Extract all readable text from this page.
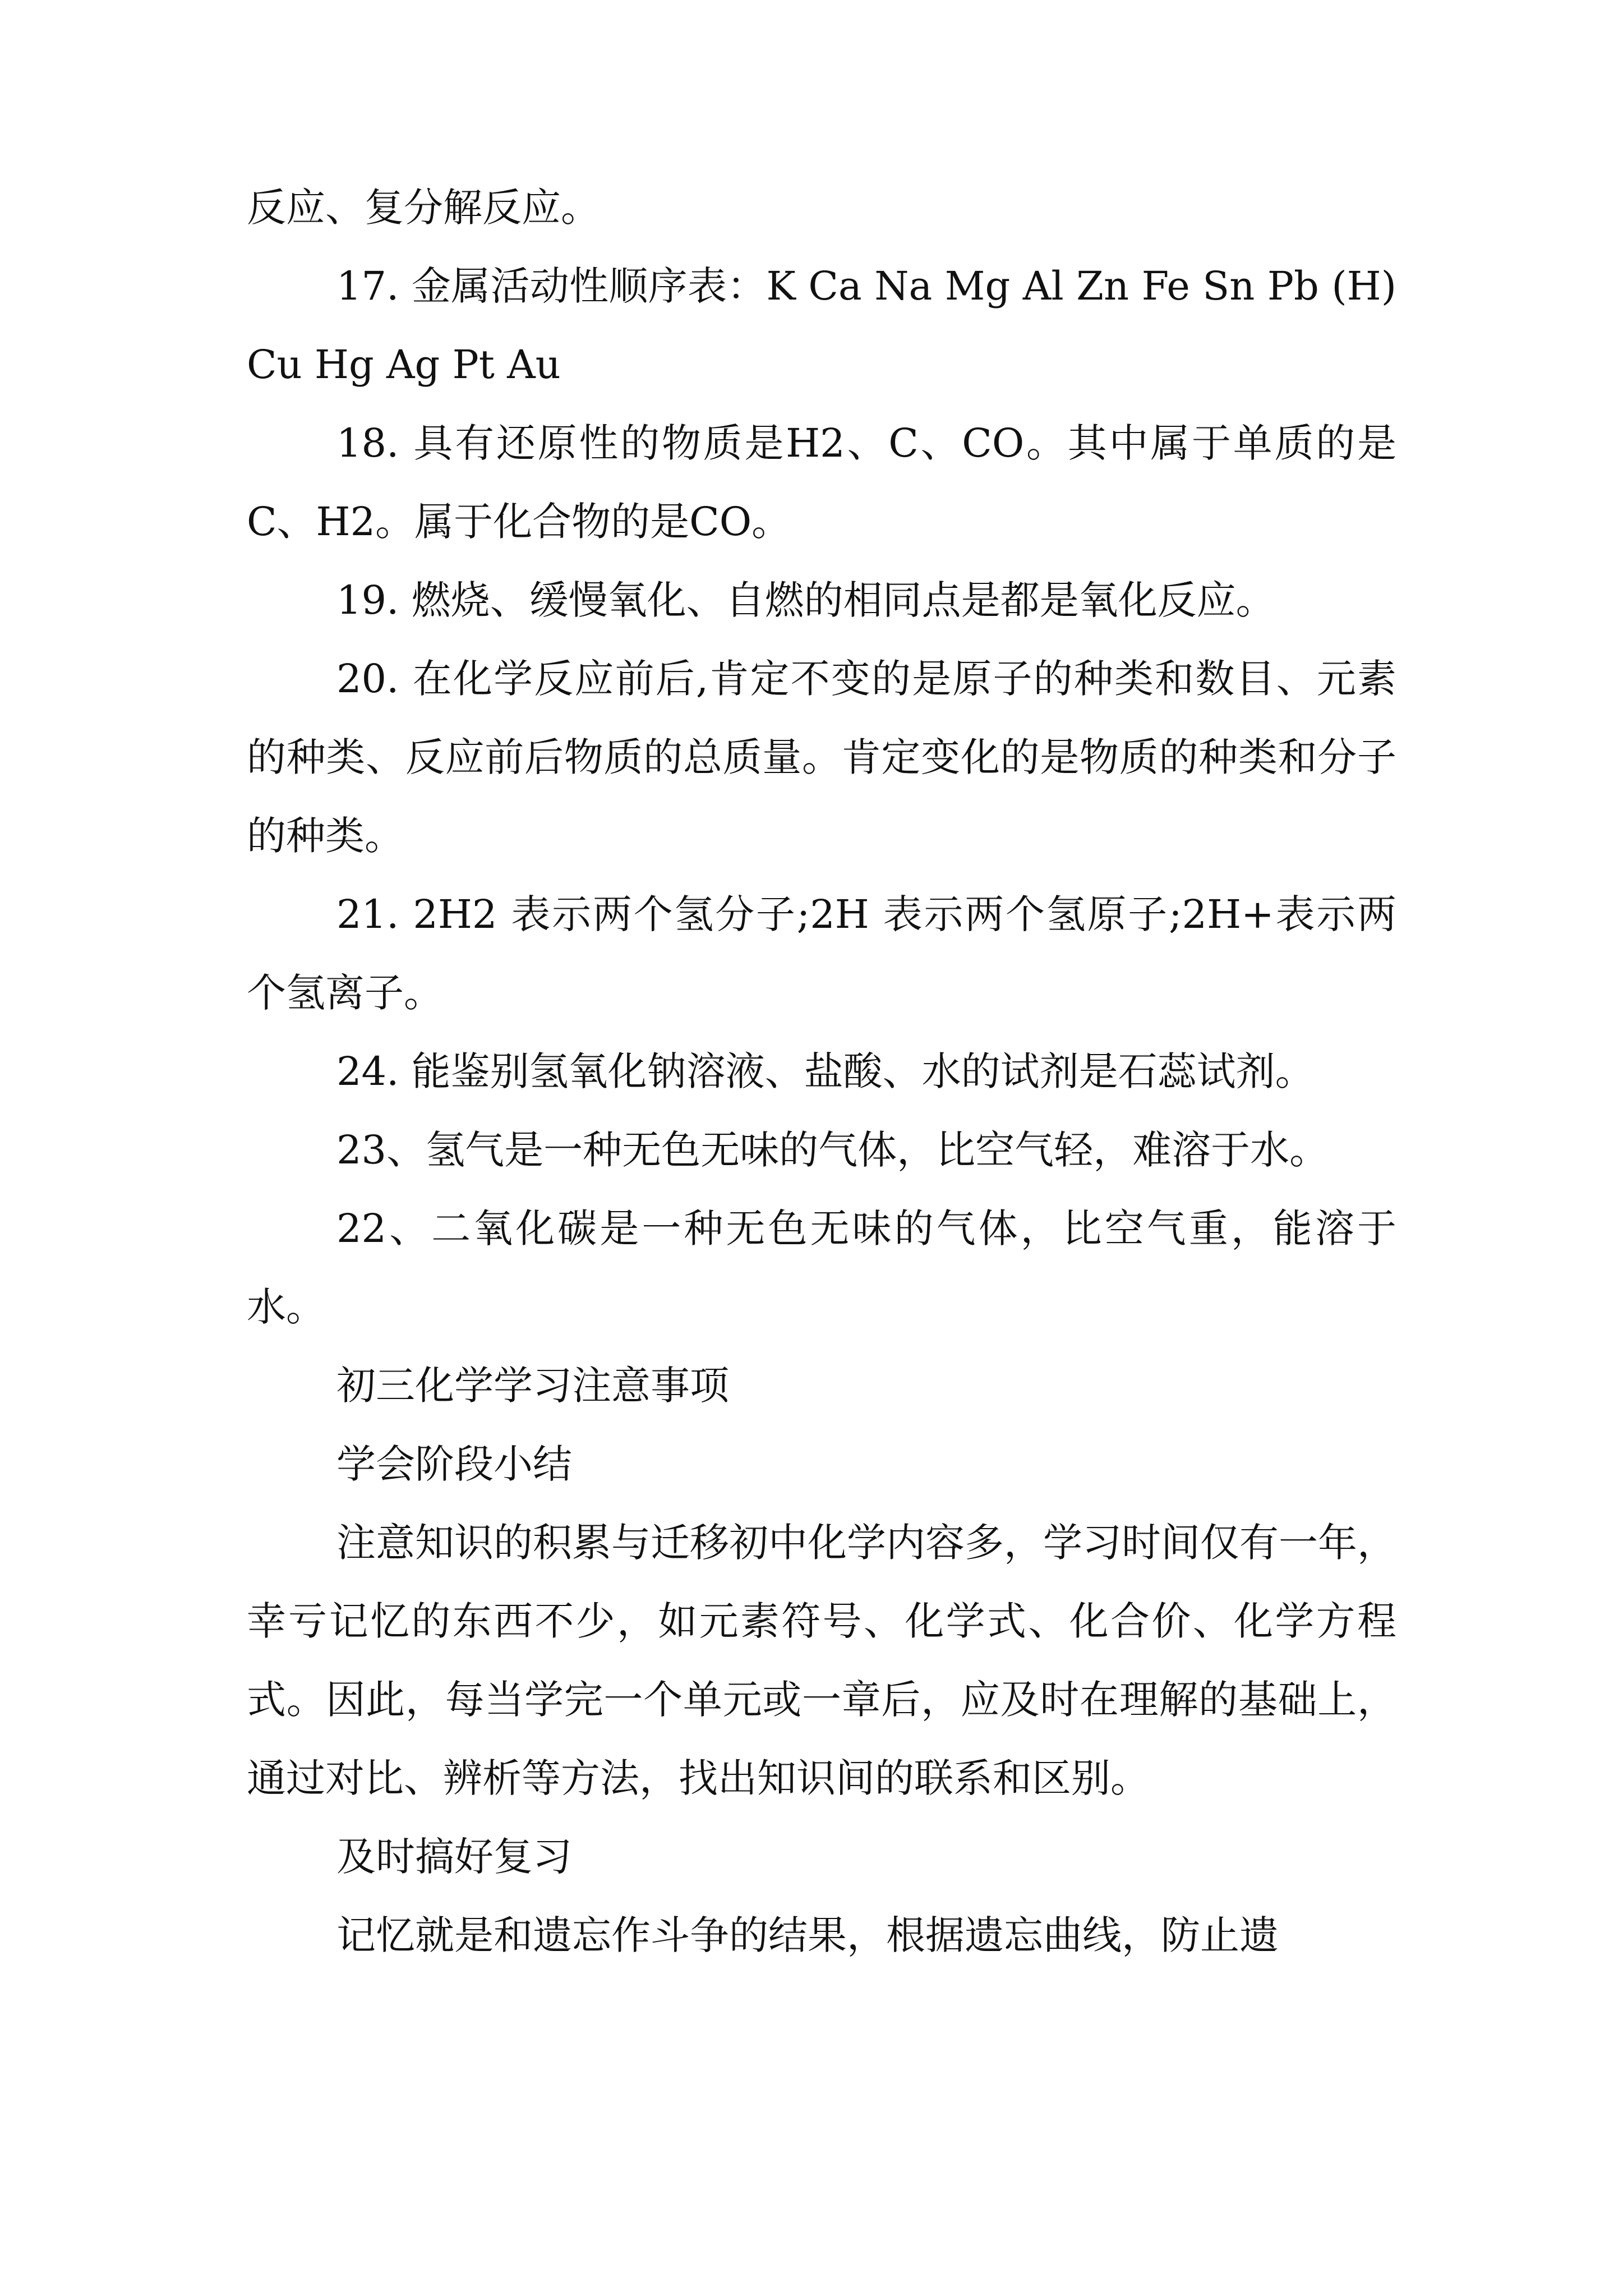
反应、复分解反应。

17. 金属活动性顺序表：K Ca Na Mg Al Zn Fe Sn Pb (H)Cu Hg Ag Pt Au

18. 具有还原性的物质是H2、C、CO。其中属于单质的是C、H2。属于化合物的是CO。

19. 燃烧、缓慢氧化、自燃的相同点是都是氧化反应。

20. 在化学反应前后,肯定不变的是原子的种类和数目、元素的种类、反应前后物质的总质量。肯定变化的是物质的种类和分子的种类。

21. 2H2 表示两个氢分子;2H 表示两个氢原子;2H+表示两个氢离子。

24. 能鉴别氢氧化钠溶液、盐酸、水的试剂是石蕊试剂。

23、氢气是一种无色无味的气体，比空气轻，难溶于水。

22、二氧化碳是一种无色无味的气体，比空气重，能溶于水。

初三化学学习注意事项

学会阶段小结

注意知识的积累与迁移初中化学内容多，学习时间仅有一年，幸亏记忆的东西不少，如元素符号、化学式、化合价、化学方程式。因此，每当学完一个单元或一章后，应及时在理解的基础上，通过对比、辨析等方法，找出知识间的联系和区别。

及时搞好复习

记忆就是和遗忘作斗争的结果，根据遗忘曲线，防止遗
